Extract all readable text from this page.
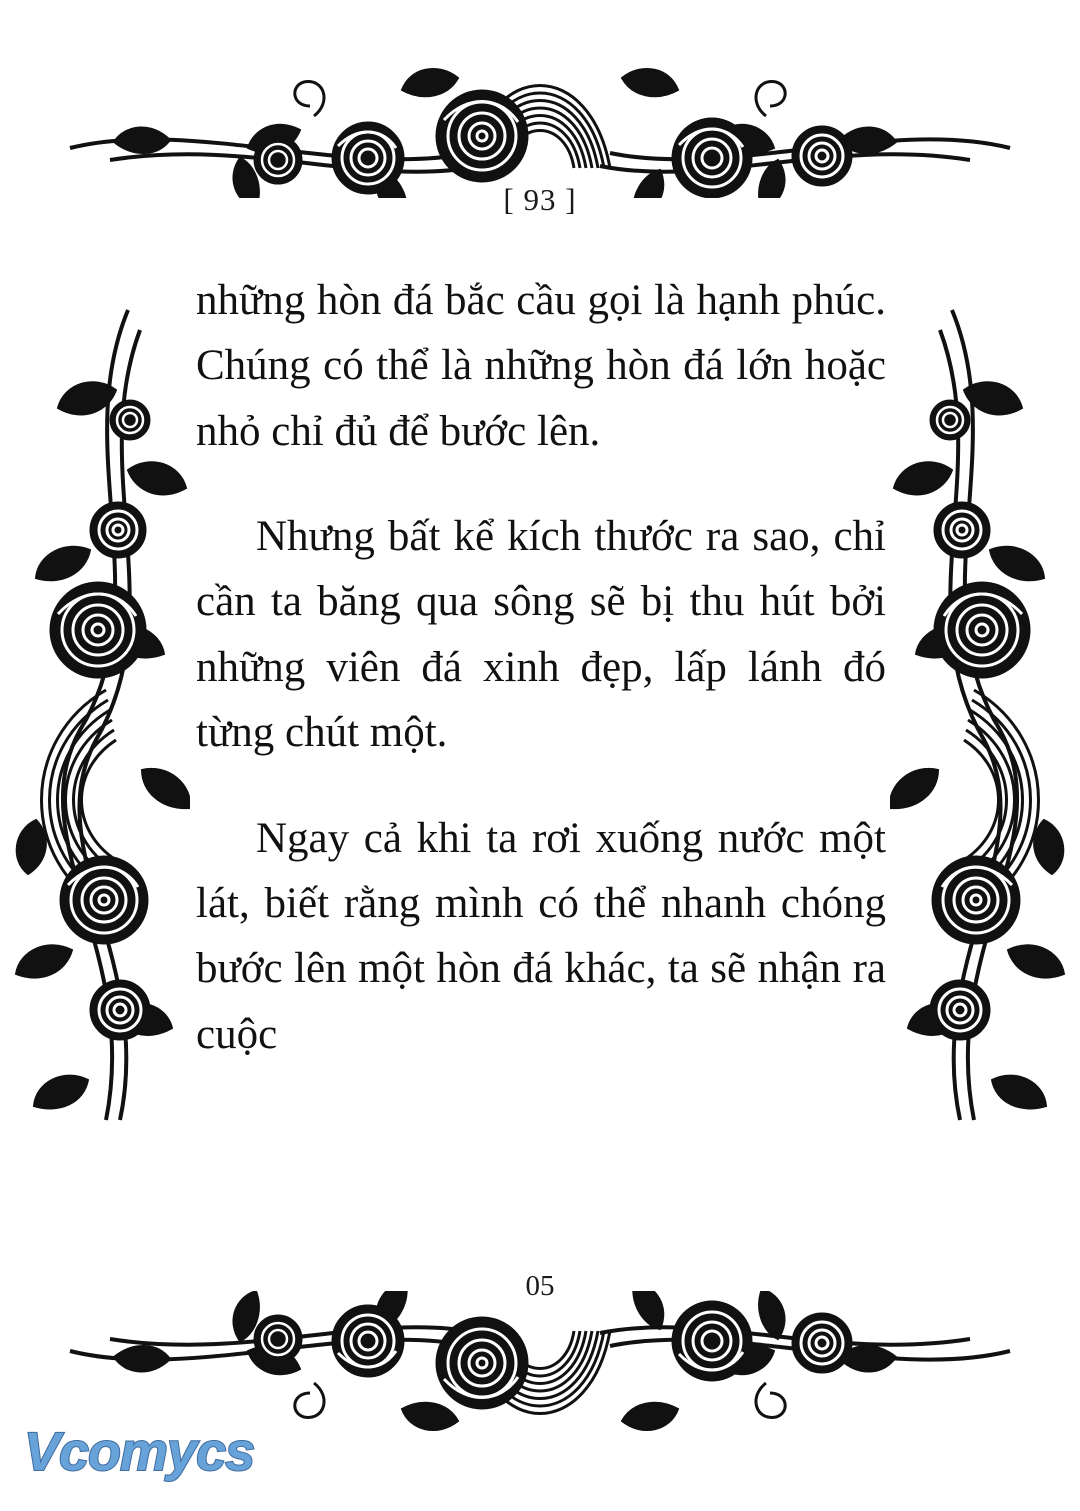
[ 93 ]

những hòn đá bắc cầu gọi là hạnh phúc. Chúng có thể là những hòn đá lớn hoặc nhỏ chỉ đủ để bước lên.

Nhưng bất kể kích thước ra sao, chỉ cần ta băng qua sông sẽ bị thu hút bởi những viên đá xinh đẹp, lấp lánh đó từng chút một.

Ngay cả khi ta rơi xuống nước một lát, biết rằng mình có thể nhanh chóng bước lên một hòn đá khác, ta sẽ nhận ra cuộc

05
Vcomycs
